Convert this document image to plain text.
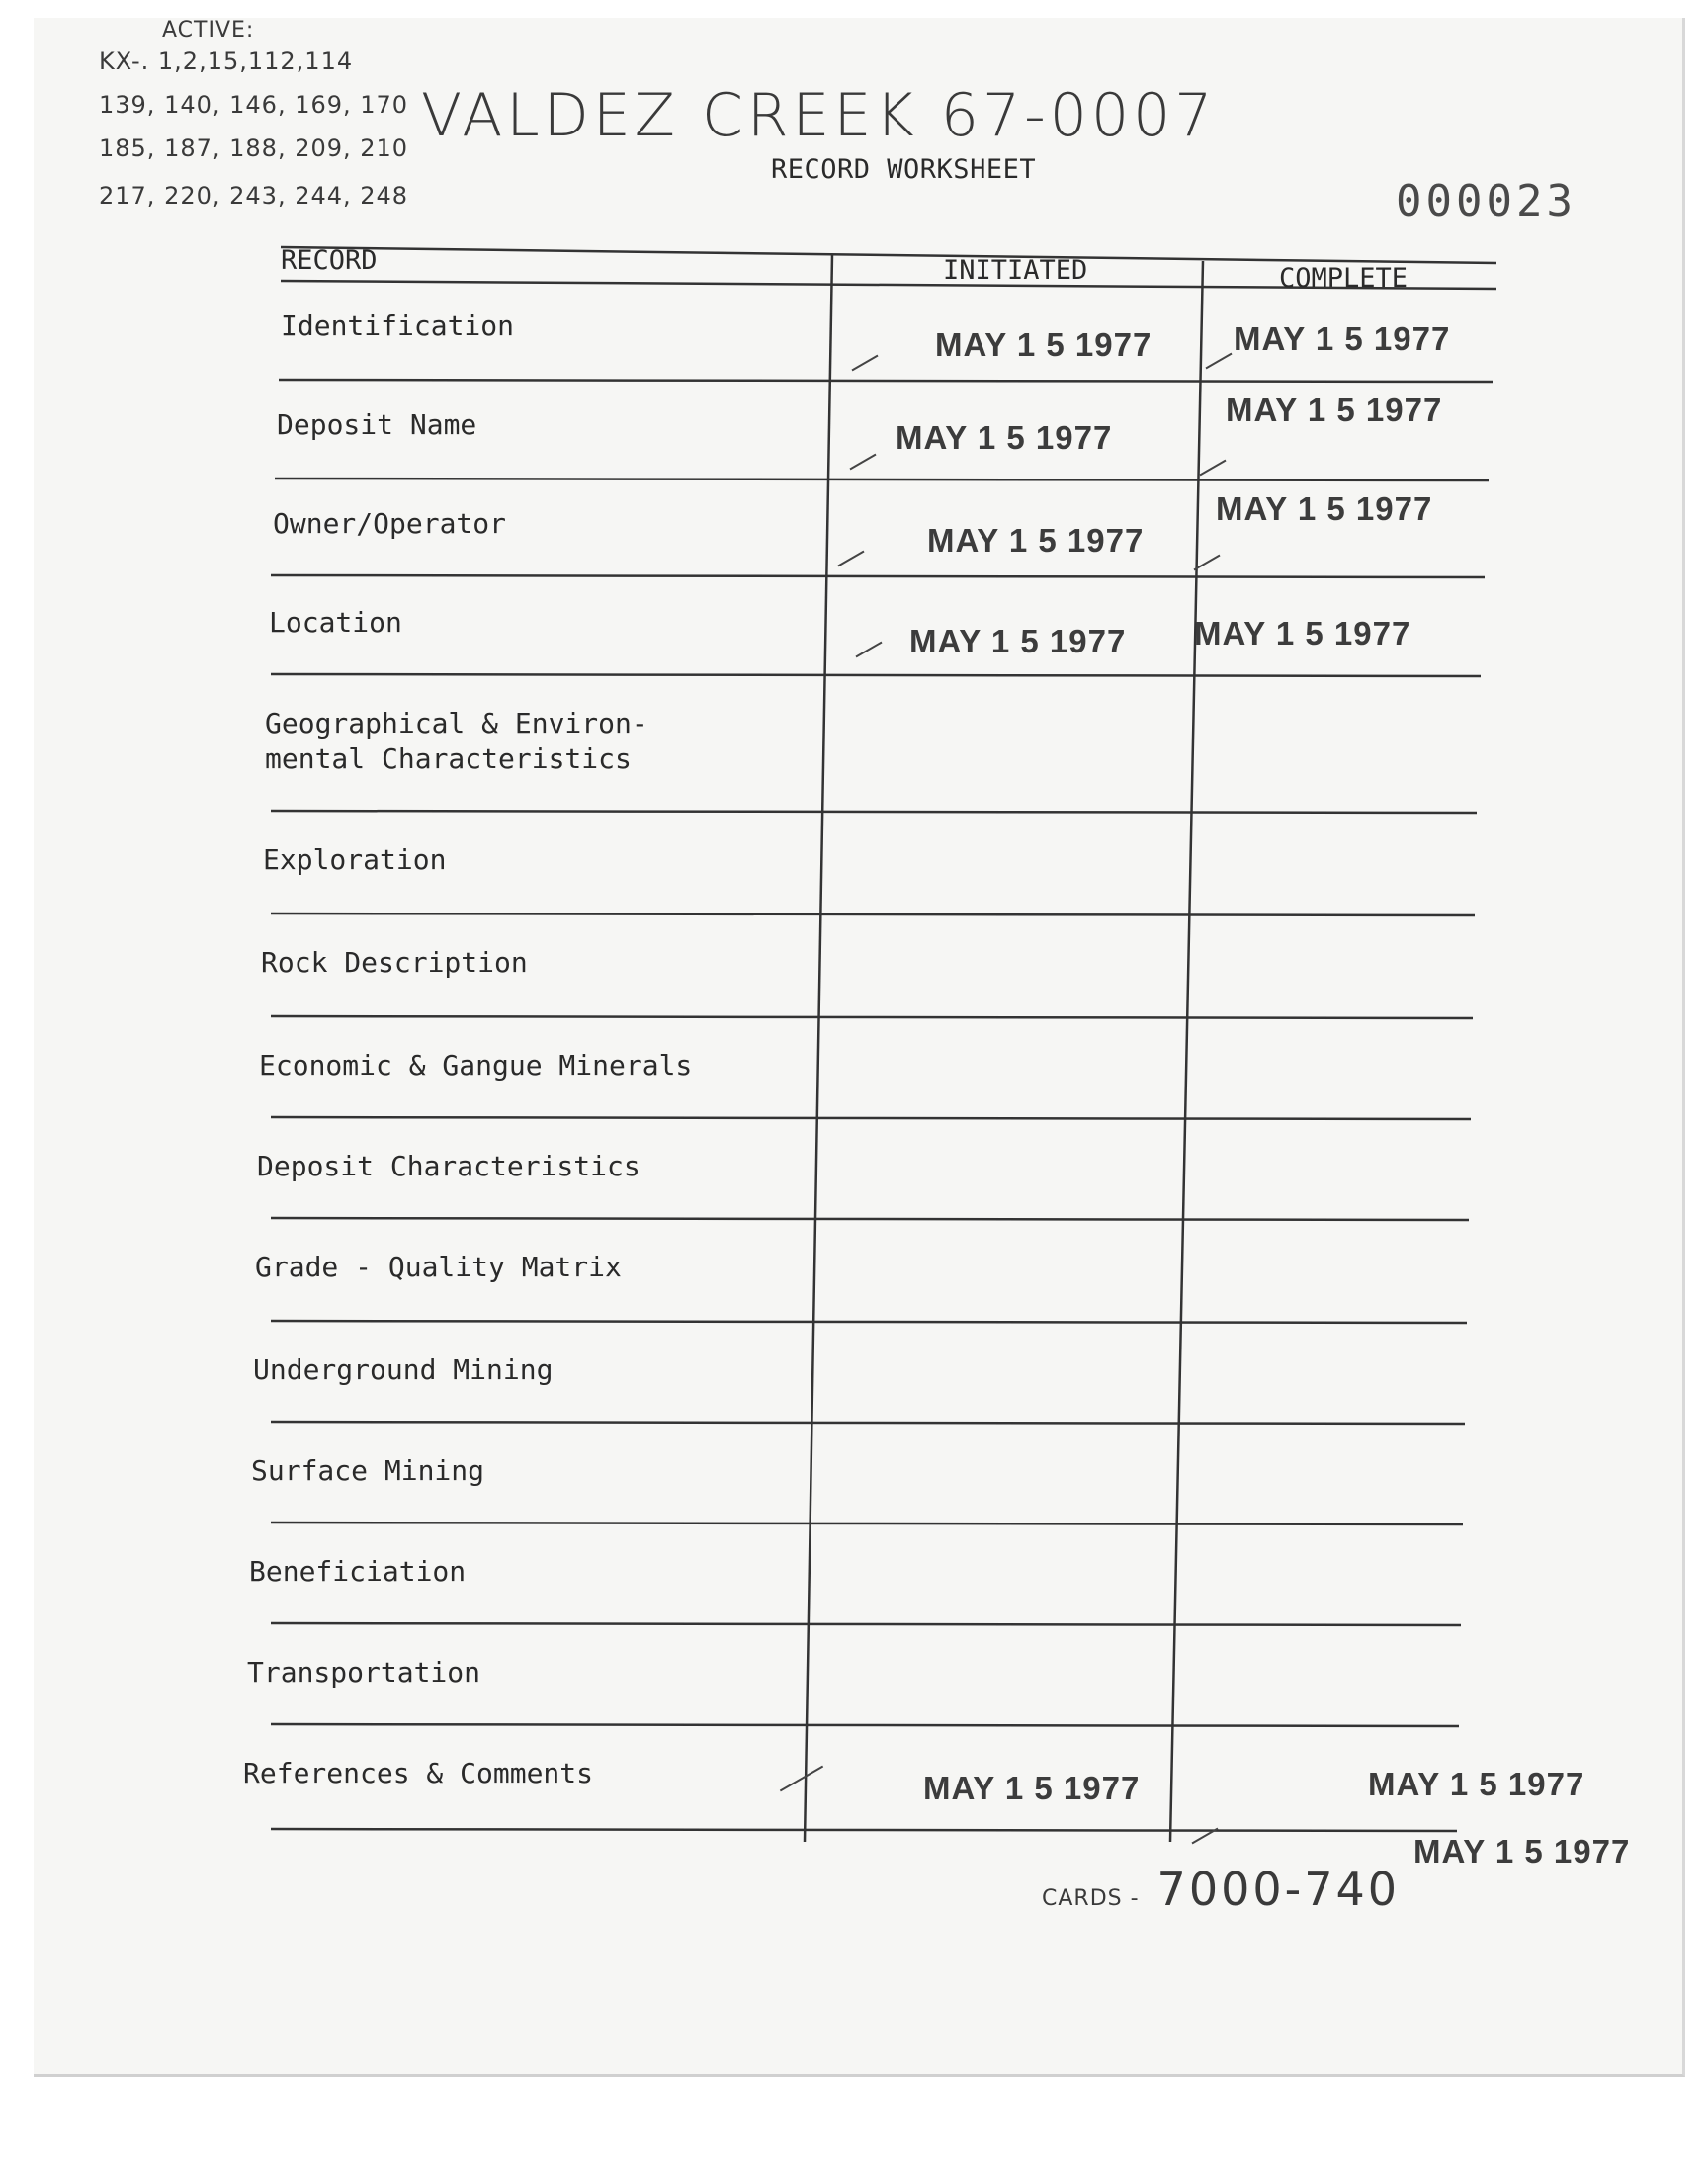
ACTIVE:
KX-. 1,2,15,112,114
139, 140, 146, 169, 170
185, 187, 188, 209, 210
217, 220, 243, 244, 248
VALDEZ CREEK 67-0007
RECORD WORKSHEET
000023
RECORD	INITIATED	COMPLETE
Identification
Deposit Name
Owner/Operator
Location
Geographical & Environ-
mental Characteristics
Exploration
Rock Description
Economic & Gangue Minerals
Deposit Characteristics
Grade - Quality Matrix
Underground Mining
Surface Mining
Beneficiation
Transportation
References & Comments
MAY 1 5 1977
MAY 1 5 1977
MAY 1 5 1977
MAY 1 5 1977
MAY 1 5 1977
MAY 1 5 1977
MAY 1 5 1977
MAY 1 5 1977
MAY 1 5 1977
MAY 1 5 1977
CARDS - 7000-740
MAY 1 5 1977
